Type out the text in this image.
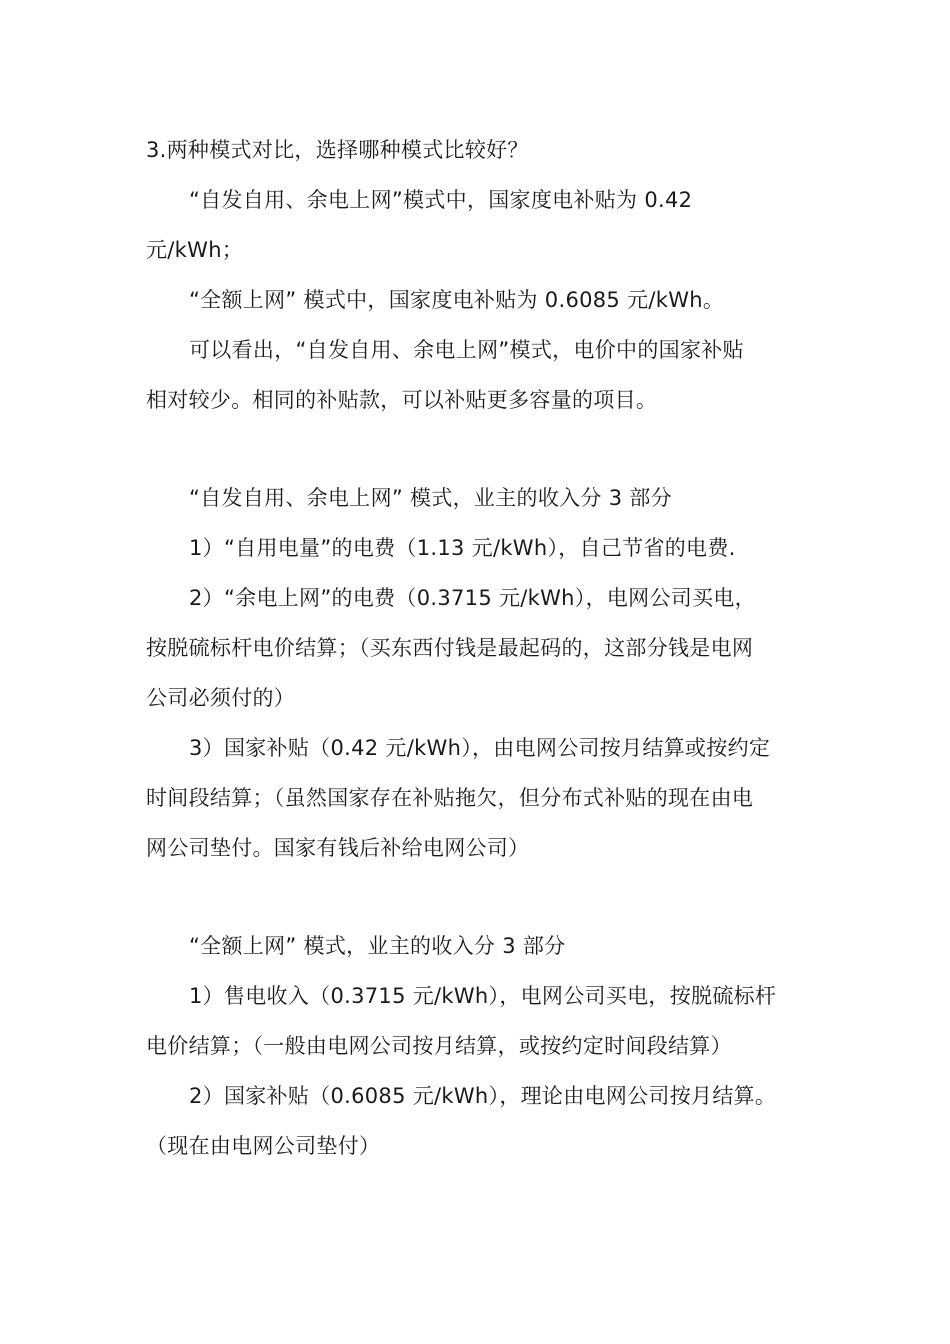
3.两种模式对比，选择哪种模式比较好？
“自发自用、余电上网”模式中，国家度电补贴为 0.42
元/kWh；
“全额上网” 模式中，国家度电补贴为 0.6085 元/kWh。
可以看出，“自发自用、余电上网”模式，电价中的国家补贴
相对较少。相同的补贴款，可以补贴更多容量的项目。
“自发自用、余电上网” 模式，业主的收入分 3 部分
1）“自用电量”的电费（1.13 元/kWh），自己节省的电费.
2）“余电上网”的电费（0.3715 元/kWh），电网公司买电，
按脱硫标杆电价结算；（买东西付钱是最起码的，这部分钱是电网
公司必须付的）
3）国家补贴（0.42 元/kWh），由电网公司按月结算或按约定
时间段结算；（虽然国家存在补贴拖欠，但分布式补贴的现在由电
网公司垫付。国家有钱后补给电网公司）
“全额上网” 模式，业主的收入分 3 部分
1）售电收入（0.3715 元/kWh），电网公司买电，按脱硫标杆
电价结算；（一般由电网公司按月结算，或按约定时间段结算）
2）国家补贴（0.6085 元/kWh），理论由电网公司按月结算。
（现在由电网公司垫付）
